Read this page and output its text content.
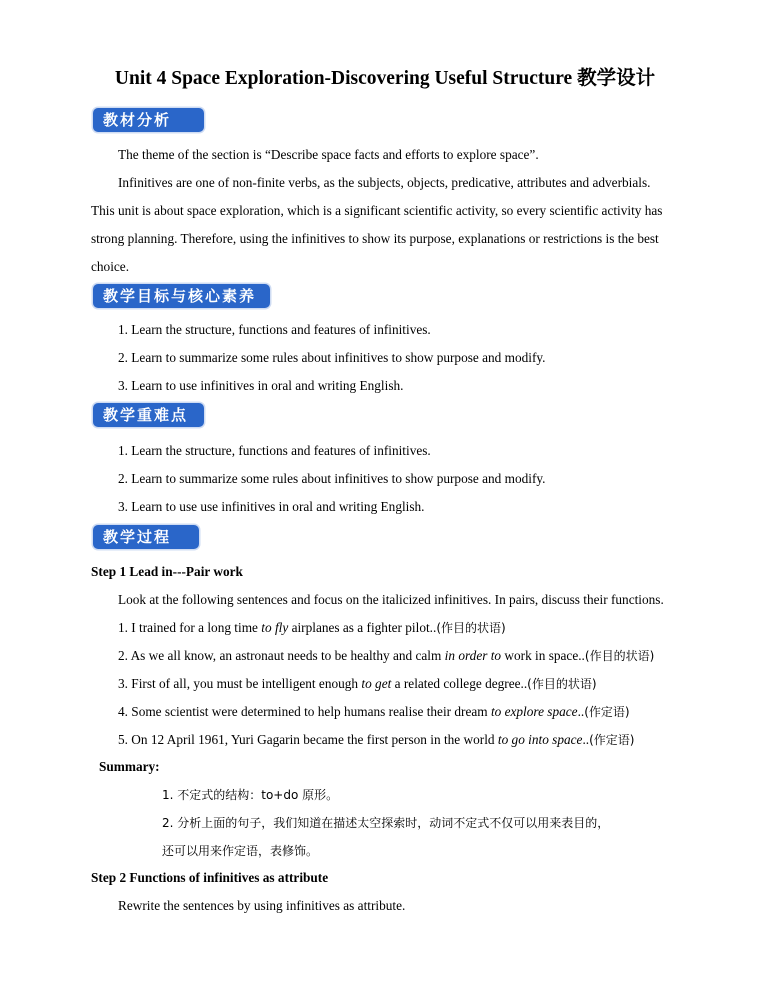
Unit 4 Space Exploration-Discovering Useful Structure 教学设计
教材分析
The theme of the section is “Describe space facts and efforts to explore space”.
Infinitives are one of non-finite verbs, as the subjects, objects, predicative, attributes and adverbials.
This unit is about space exploration, which is a significant scientific activity, so every scientific activity has
strong planning. Therefore, using the infinitives to show its purpose, explanations or restrictions is the best
choice.
教学目标与核心素养
1. Learn the structure, functions and features of infinitives.
2. Learn to summarize some rules about infinitives to show purpose and modify.
3. Learn to use infinitives in oral and writing English.
教学重难点
1. Learn the structure, functions and features of infinitives.
2. Learn to summarize some rules about infinitives to show purpose and modify.
3. Learn to use use infinitives in oral and writing English.
教学过程
Step 1 Lead in---Pair work
Look at the following sentences and focus on the italicized infinitives. In pairs, discuss their functions.
1. I trained for a long time to fly airplanes as a fighter pilot..(作目的状语)
2. As we all know, an astronaut needs to be healthy and calm in order to work in space..(作目的状语)
3. First of all, you must be intelligent enough to get a related college degree..(作目的状语)
4. Some scientist were determined to help humans realise their dream to explore space..(作定语)
5. On 12 April 1961, Yuri Gagarin became the first person in the world to go into space..(作定语)
Summary:
1. 不定式的结构：to+do 原形。
2. 分析上面的句子，我们知道在描述太空探索时，动词不定式不仅可以用来表目的，
还可以用来作定语，表修饰。
Step 2 Functions of infinitives as attribute
Rewrite the sentences by using infinitives as attribute.
